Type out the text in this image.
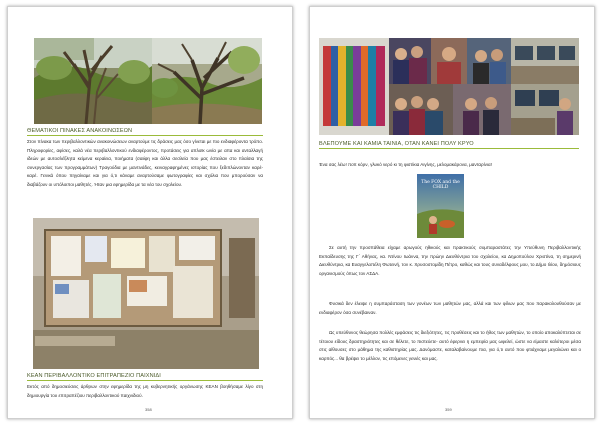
ΘΕΜΑΤΙΚΟΙ ΠΙΝΑΚΕΣ ΑΝΑΚΟΙΝΩΣΕΩΝ
Στον πίνακα των περιβαλλοντικών ανακοινώσεων αναρτούμε τις δράσεις μας όσο γίνεται με πιο ενδιαφέροντα τρόπο. Πληροφορίες, αφίσες, καλά νέα περιβαλλοντικού ενδιαφέροντος, προτάσεις για απλοϊκ ωνία με απα και ανταλλαγή ιδεών με αυτοσλέξλητα κείμενα κεραίεια, ποιήματα (σαιίφη και άλλα σεσλεία που μας έστειλαν στο πλαίσια της συνεργασίας των προγραμμάτων) Τραγούδια με μαντινάδες, κειναγραφημένες ιστορίας που ξεδιπλώνονταν καρέ- καρέ. Γενικά όπου πηγαίναμε και για ό,τι κάναμε αναρτούσαμε φωτογραφίες και σχόλια που μπορούσαν να διαβάζουν οι υπόλοιποι μαθητές. Ήταν μια εφημερίδα με τα νέα του σχολείου.
ΚΕΑΝ ΠΕΡΙΒΑΛΛΟΝΤΙΚΟ ΕΠΙΤΡΑΠΕΖΙΟ ΠΑΙΧΝΙΔΙ
Εκτός από δημοσιεύσεις άρθρων στην εφημερίδα της μη κυβερνητικής οργάνωσης ΚΕΑΝ βοηθήσαμε λίγο στη δημιουργία του επιτραπέζιου περιβαλλοντικού παιχνιδιού.
358
ΒΛΕΠΟΥΜΕ ΚΑΙ ΚΑΜΙΑ ΤΑΙΝΙΑ, ΟΤΑΝ ΚΑΝΕΙ ΠΟΛΥ ΚΡΥΟ
Ένα σας λέω! ποπ κόρν, γλυκό νερό κι τη φιστίκια Αιγίνης, μελομακάρονα, μανταρίνια!
The FOX and the CHILD
Σε αυτή την προσπάθεια είχαμε αρωγούς ηθικούς και πρακτικούς συμπαραστάτες την Υπεύθυνη Περιβαλλοντικής Εκπαίδευσης της Γ΄ Αθήνας, κα. Ντίνου Ιωάννα, την πρώην Διευθύντρια του σχολείου, κα Δημοπούλου Χριστίνα, τη σημερινή Διευθύντρια, κα Ευαγγελοπέλη Φωτεινή, τον κ. Χρυσοστομίδη Πέτρο, καθώς και τους συναδέλφους μου, το Δήμο Ιλίου, δημόσιους οργανισμούς όπως τον ΑΣΔΑ.
Φυσικά δεν έλειψε η συμπαράσταση των γονέων των μαθητών μας, αλλά και των φίλων μας που παρακολουθούσαν με ενδιαφέρον όσα συνέβαιναν.
Ως υπεύθυνος θεώρησα πολλές εμφάσεις τις διεξιότητες, τις προθέσεις και το ήθος των μαθητών, το οποίο αποκαλύπτεται σε τέτοιου είδους δραστηριότητες και σε θέλετε, το πιστεύετε- αυτό έφερνει η εμπειρία μας ωφελεί, ώστε να είμαστε καλύτεροι μέσα στις αίθουσες στο μάθημα της καθιστηρίας μας. Δανόμαστε, καταλαβαίνουμε πια, για ό,τι αυτό που φτιάχναμε μεγαλώνει και ο καρπός... θα βρέψει το μέλλον, τις επόμενες γενιές και μας.
359
